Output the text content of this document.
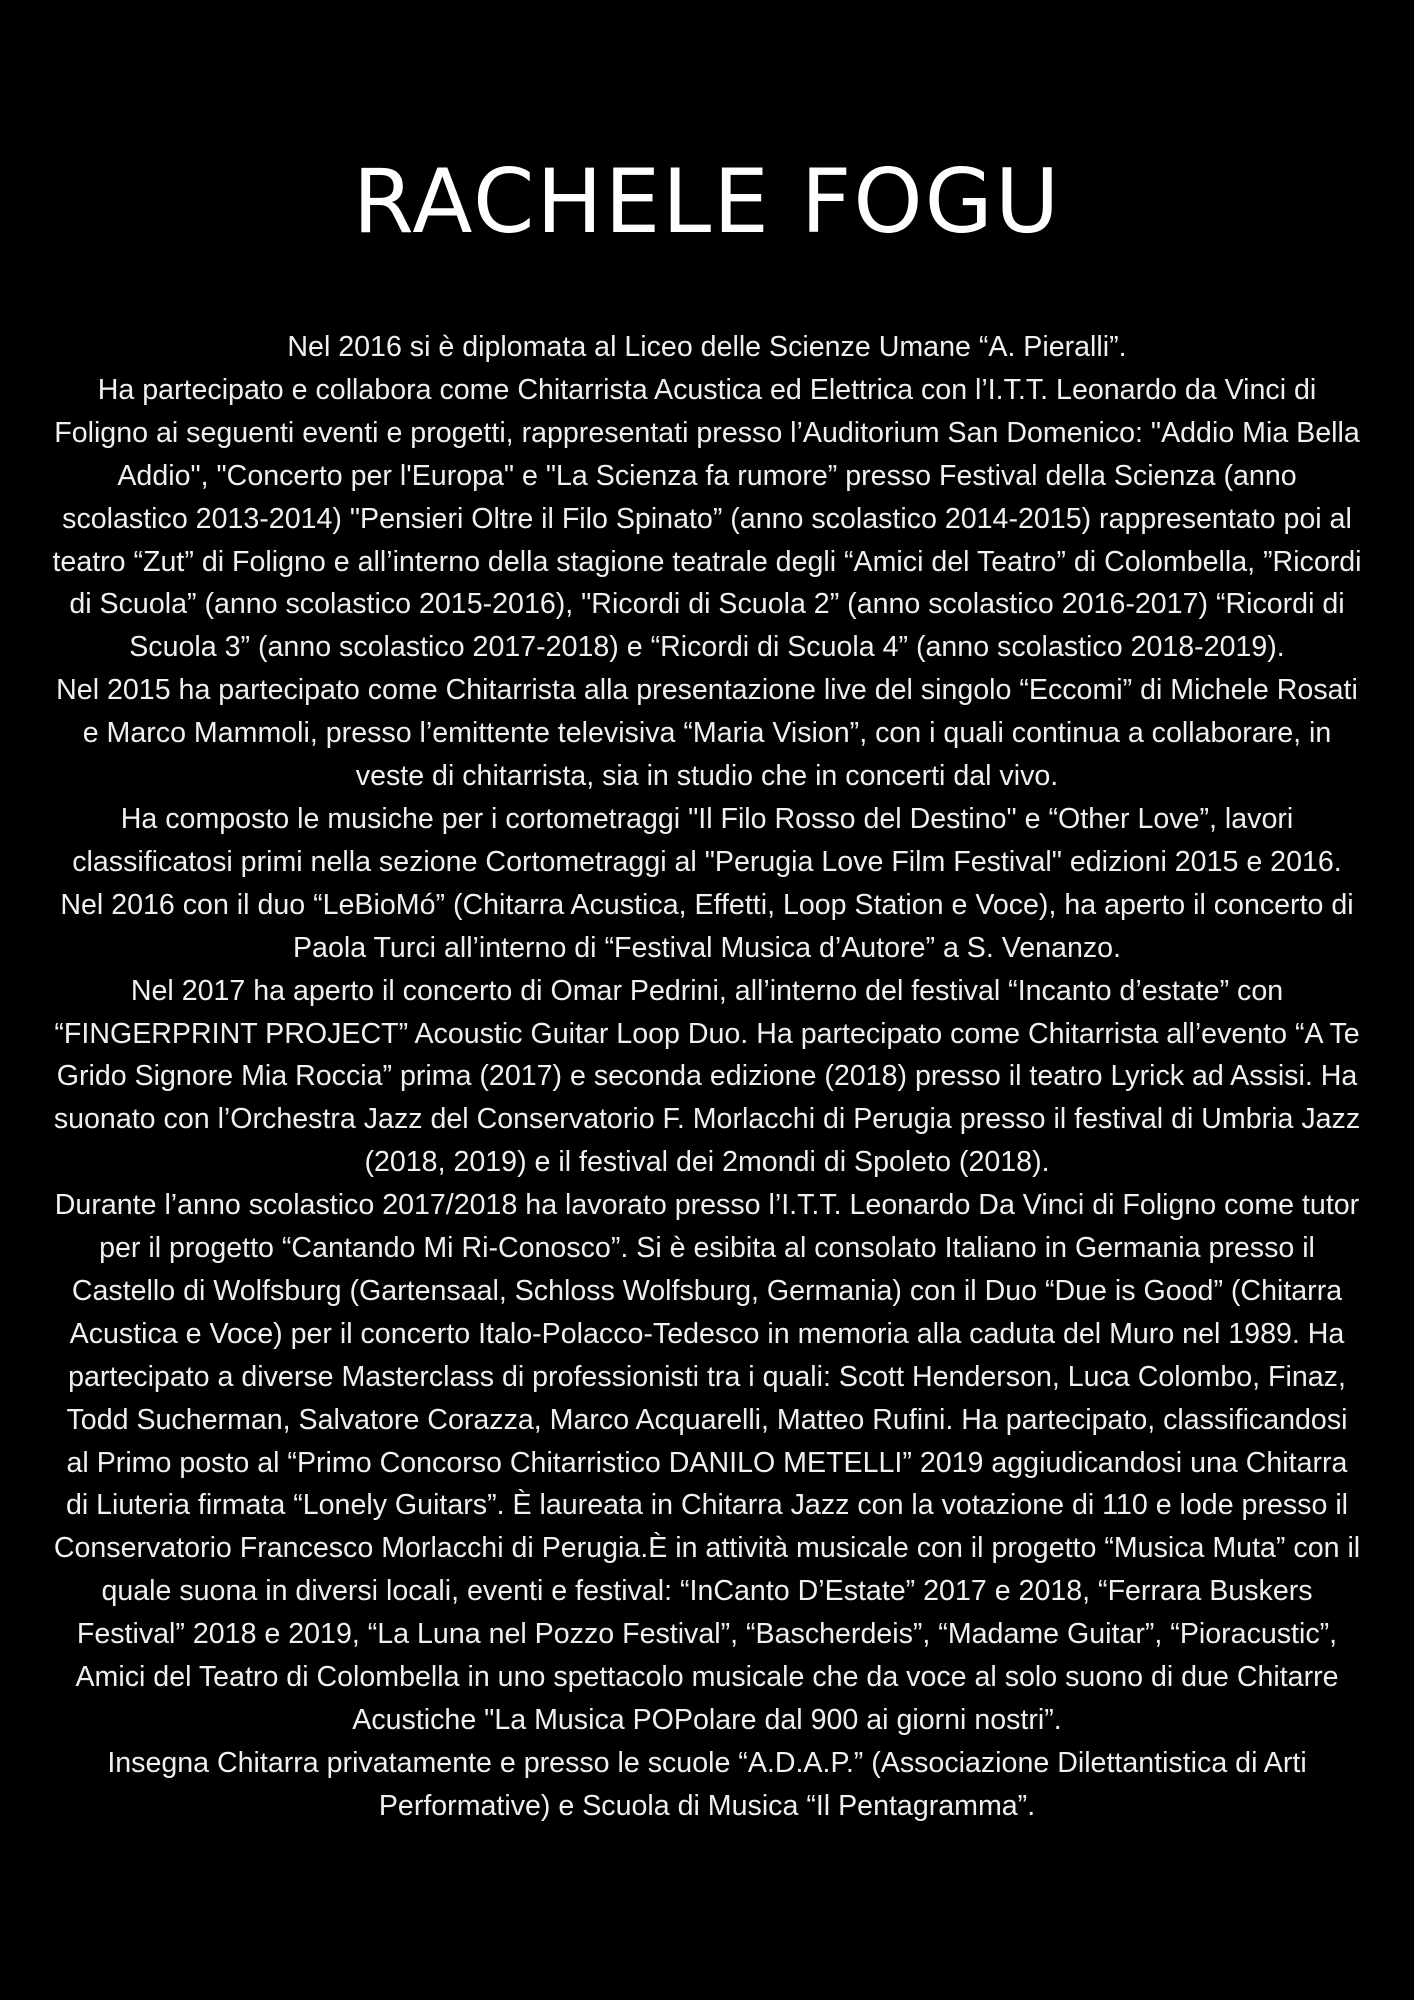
RACHELE FOGU

Nel 2016 si è diplomata al Liceo delle Scienze Umane “A. Pieralli”.

Ha partecipato e collabora come Chitarrista Acustica ed Elettrica con l’I.T.T. Leonardo da Vinci di Foligno ai seguenti eventi e progetti, rappresentati presso l’Auditorium San Domenico: "Addio Mia Bella Addio", "Concerto per l'Europa" e "La Scienza fa rumore” presso Festival della Scienza (anno scolastico 2013-2014) "Pensieri Oltre il Filo Spinato” (anno scolastico 2014-2015) rappresentato poi al teatro “Zut” di Foligno e all’interno della stagione teatrale degli “Amici del Teatro” di Colombella, ”Ricordi di Scuola” (anno scolastico 2015-2016), "Ricordi di Scuola 2” (anno scolastico 2016-2017) “Ricordi di Scuola 3” (anno scolastico 2017-2018) e “Ricordi di Scuola 4” (anno scolastico 2018-2019).

Nel 2015 ha partecipato come Chitarrista alla presentazione live del singolo “Eccomi” di Michele Rosati e Marco Mammoli, presso l’emittente televisiva “Maria Vision”, con i quali continua a collaborare, in veste di chitarrista, sia in studio che in concerti dal vivo.

Ha composto le musiche per i cortometraggi "Il Filo Rosso del Destino" e “Other Love”, lavori classificatosi primi nella sezione Cortometraggi al "Perugia Love Film Festival" edizioni 2015 e 2016. Nel 2016 con il duo “LeBioMó” (Chitarra Acustica, Effetti, Loop Station e Voce), ha aperto il concerto di Paola Turci all’interno di “Festival Musica d’Autore” a S. Venanzo.

Nel 2017 ha aperto il concerto di Omar Pedrini, all’interno del festival “Incanto d’estate” con “FINGERPRINT PROJECT” Acoustic Guitar Loop Duo. Ha partecipato come Chitarrista all’evento “A Te Grido Signore Mia Roccia” prima (2017) e seconda edizione (2018) presso il teatro Lyrick ad Assisi. Ha suonato con l’Orchestra Jazz del Conservatorio F. Morlacchi di Perugia presso il festival di Umbria Jazz (2018, 2019) e il festival dei 2mondi di Spoleto (2018).

Durante l’anno scolastico 2017/2018 ha lavorato presso l’I.T.T. Leonardo Da Vinci di Foligno come tutor per il progetto “Cantando Mi Ri-Conosco”. Si è esibita al consolato Italiano in Germania presso il Castello di Wolfsburg (Gartensaal, Schloss Wolfsburg, Germania) con il Duo “Due is Good” (Chitarra Acustica e Voce) per il concerto Italo-Polacco-Tedesco in memoria alla caduta del Muro nel 1989. Ha partecipato a diverse Masterclass di professionisti tra i quali: Scott Henderson, Luca Colombo, Finaz, Todd Sucherman, Salvatore Corazza, Marco Acquarelli, Matteo Rufini. Ha partecipato, classificandosi al Primo posto al “Primo Concorso Chitarristico DANILO METELLI” 2019 aggiudicandosi una Chitarra di Liuteria firmata “Lonely Guitars”. È laureata in Chitarra Jazz con la votazione di 110 e lode presso il Conservatorio Francesco Morlacchi di Perugia.È in attività musicale con il progetto “Musica Muta” con il quale suona in diversi locali, eventi e festival: “InCanto D’Estate” 2017 e 2018, “Ferrara Buskers Festival” 2018 e 2019, “La Luna nel Pozzo Festival”, “Bascherdeis”, “Madame Guitar”, “Pioracustic”, Amici del Teatro di Colombella in uno spettacolo musicale che da voce al solo suono di due Chitarre Acustiche "La Musica POPolare dal 900 ai giorni nostri”.

Insegna Chitarra privatamente e presso le scuole “A.D.A.P.” (Associazione Dilettantistica di Arti Performative) e Scuola di Musica “Il Pentagramma”.
